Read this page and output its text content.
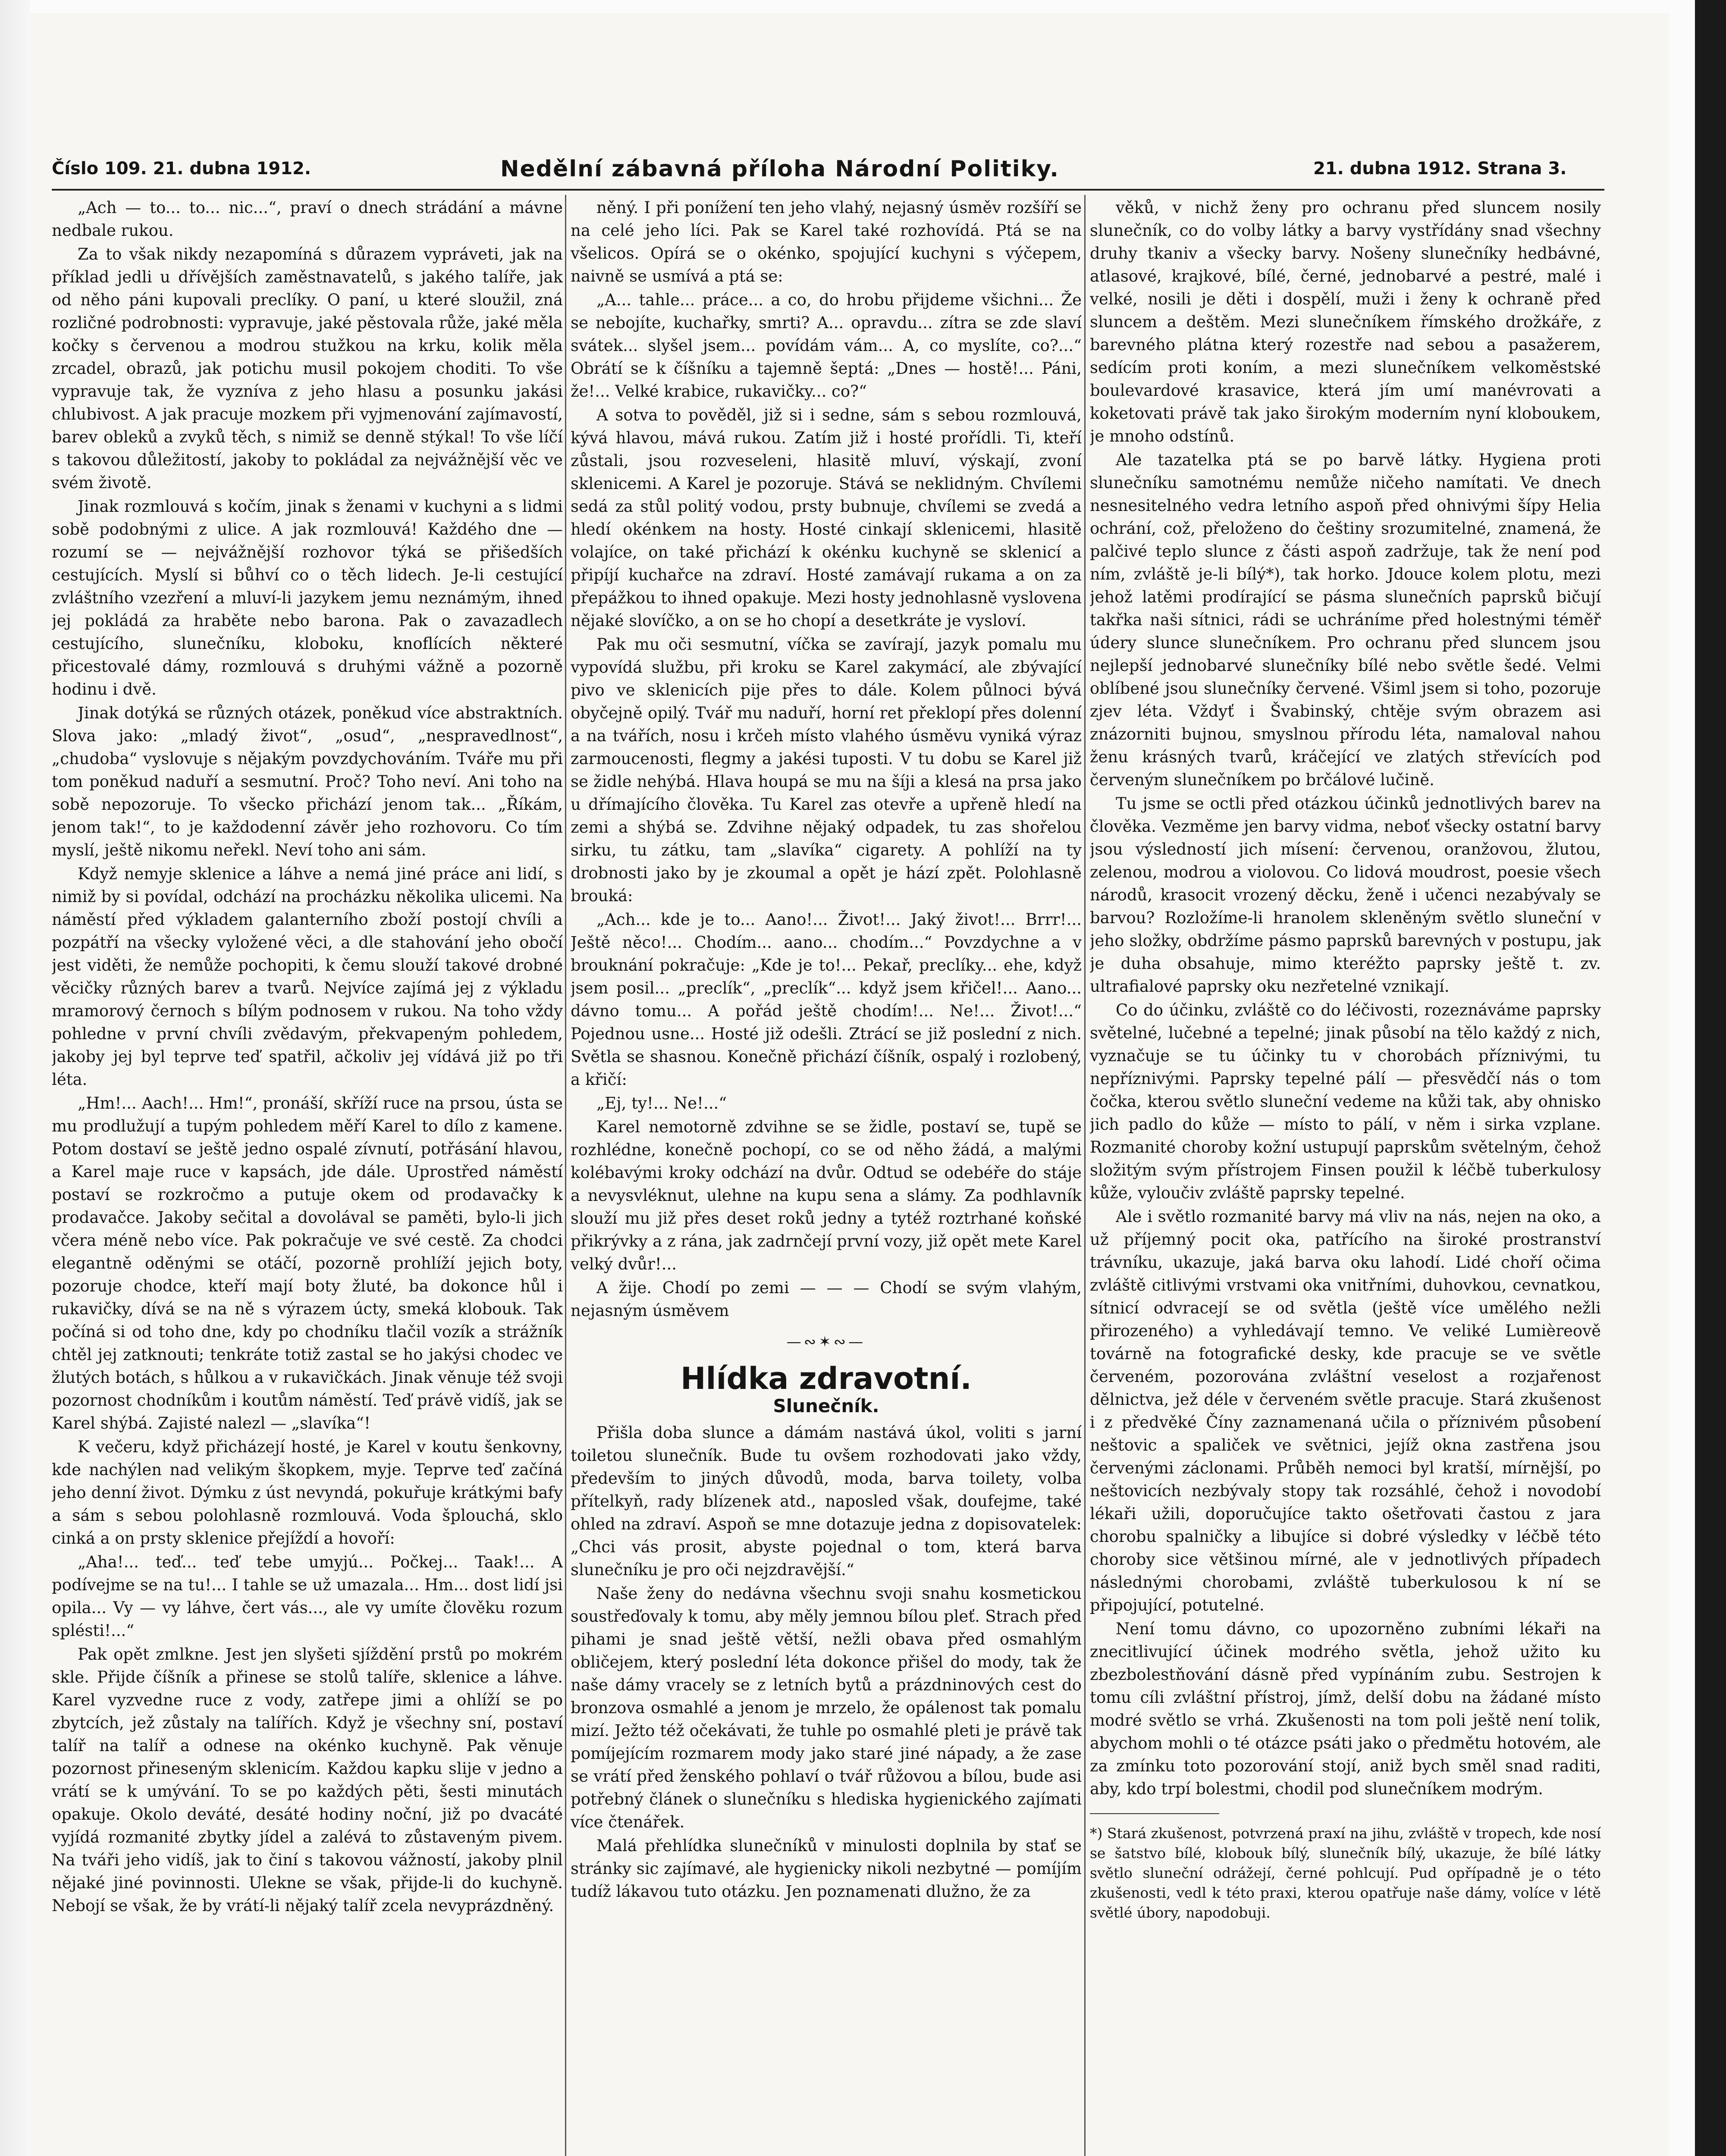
Číslo 109. 21. dubna 1912.	Nedělní zábavná příloha Národní Politiky.	21. dubna 1912. Strana 3.

„Ach — to... to... nic...“, praví o dnech strádání a mávne nedbale rukou.

Za to však nikdy nezapomíná s důrazem vypráveti, jak na příklad jedli u dřívějších zaměstnavatelů, s jakého talíře, jak od něho páni kupovali preclíky. O paní, u které sloužil, zná rozličné podrobnosti: vypravuje, jaké pěstovala růže, jaké měla kočky s červenou a modrou stužkou na krku, kolik měla zrcadel, obrazů, jak potichu musil pokojem choditi. To vše vypravuje tak, že vyzníva z jeho hlasu a posunku jakási chlubivost. A jak pracuje mozkem při vyjmenování zajímavostí, barev obleků a zvyků těch, s nimiž se denně stýkal! To vše líčí s takovou důležitostí, jakoby to pokládal za nejvážnější věc ve svém životě.

Jinak rozmlouvá s kočím, jinak s ženami v kuchyni a s lidmi sobě podobnými z ulice. A jak rozmlouvá! Každého dne — rozumí se — nejvážnější rozhovor týká se přišedších cestujících. Myslí si bůhví co o těch lidech. Je-li cestující zvláštního vzezření a mluví-li jazykem jemu neznámým, ihned jej pokládá za hraběte nebo barona. Pak o zavazadlech cestujícího, slunečníku, kloboku, knoflících některé přicestovalé dámy, rozmlouvá s druhými vážně a pozorně hodinu i dvě.

Jinak dotýká se různých otázek, poněkud více abstraktních. Slova jako: „mladý život“, „osud“, „nespravedlnost“, „chudoba“ vyslovuje s nějakým povzdychováním. Tváře mu při tom poněkud naduří a sesmutní. Proč? Toho neví. Ani toho na sobě nepozoruje. To všecko přichází jenom tak... „Říkám, jenom tak!“, to je každodenní závěr jeho rozhovoru. Co tím myslí, ještě nikomu neřekl. Neví toho ani sám.

Když nemyje sklenice a láhve a nemá jiné práce ani lidí, s nimiž by si povídal, odchází na procházku několika ulicemi. Na náměstí před výkladem galanterního zboží postojí chvíli a pozpátří na všecky vyložené věci, a dle stahování jeho obočí jest viděti, že nemůže pochopiti, k čemu slouží takové drobné věcičky různých barev a tvarů. Nejvíce zajímá jej z výkladu mramorový černoch s bílým podnosem v rukou. Na toho vždy pohledne v první chvíli zvědavým, překvapeným pohledem, jakoby jej byl teprve teď spatřil, ačkoliv jej vídává již po tři léta.

„Hm!... Aach!... Hm!“, pronáší, skříží ruce na prsou, ústa se mu prodlužují a tupým pohledem měří Karel to dílo z kamene. Potom dostaví se ještě jedno ospalé zívnutí, potřásání hlavou, a Karel maje ruce v kapsách, jde dále. Uprostřed náměstí postaví se rozkročmo a putuje okem od prodavačky k prodavačce. Jakoby sečital a dovolával se paměti, bylo-li jich včera méně nebo více. Pak pokračuje ve své cestě. Za chodci elegantně oděnými se otáčí, pozorně prohlíží jejich boty, pozoruje chodce, kteří mají boty žluté, ba dokonce hůl i rukavičky, dívá se na ně s výrazem úcty, smeká klobouk. Tak počíná si od toho dne, kdy po chodníku tlačil vozík a strážník chtěl jej zatknouti; tenkráte totiž zastal se ho jakýsi chodec ve žlutých botách, s hůlkou a v rukavičkách. Jinak věnuje též svoji pozornost chodníkům i koutům náměstí. Teď právě vidíš, jak se Karel shýbá. Zajisté nalezl — „slavíka“!

K večeru, když přicházejí hosté, je Karel v koutu šenkovny, kde nachýlen nad velikým škopkem, myje. Teprve teď začíná jeho denní život. Dýmku z úst nevyndá, pokuřuje krátkými bafy a sám s sebou polohlasně rozmlouvá. Voda šplouchá, sklo cinká a on prsty sklenice přejíždí a hovoří:

„Aha!... teď... teď tebe umyjú... Počkej... Taak!... A podívejme se na tu!... I tahle se už umazala... Hm... dost lidí jsi opila... Vy — vy láhve, čert vás..., ale vy umíte člověku rozum splésti!...“

Pak opět zmlkne. Jest jen slyšeti sjíždění prstů po mokrém skle. Přijde číšník a přinese se stolů talíře, sklenice a láhve. Karel vyzvedne ruce z vody, zatřepe jimi a ohlíží se po zbytcích, jež zůstaly na talířích. Když je všechny sní, postaví talíř na talíř a odnese na okénko kuchyně. Pak věnuje pozornost přineseným sklenicím. Každou kapku slije v jedno a vrátí se k umývání. To se po každých pěti, šesti minutách opakuje. Okolo deváté, desáté hodiny noční, již po dvacáté vyjídá rozmanité zbytky jídel a zalévá to zůstaveným pivem. Na tváři jeho vidíš, jak to činí s takovou vážností, jakoby plnil nějaké jiné povinnosti. Ulekne se však, přijde-li do kuchyně. Nebojí se však, že by vrátí-li nějaký talíř zcela nevyprázdněný.

něný. I při ponížení ten jeho vlahý, nejasný úsměv rozšíří se na celé jeho líci. Pak se Karel také rozhovídá. Ptá se na všelicos. Opírá se o okénko, spojující kuchyni s výčepem, naivně se usmívá a ptá se:

„A... tahle... práce... a co, do hrobu přijdeme všichni... Že se nebojíte, kuchařky, smrti? A... opravdu... zítra se zde slaví svátek... slyšel jsem... povídám vám... A, co myslíte, co?...“ Obrátí se k číšníku a tajemně šeptá: „Dnes — hostě!... Páni, že!... Velké krabice, rukavičky... co?“

A sotva to pověděl, již si i sedne, sám s sebou rozmlouvá, kývá hlavou, mává rukou. Zatím již i hosté prořídli. Ti, kteří zůstali, jsou rozveseleni, hlasitě mluví, výskají, zvoní sklenicemi. A Karel je pozoruje. Stává se neklidným. Chvílemi sedá za stůl politý vodou, prsty bubnuje, chvílemi se zvedá a hledí okénkem na hosty. Hosté cinkají sklenicemi, hlasitě volajíce, on také přichází k okénku kuchyně se sklenicí a připíjí kuchařce na zdraví. Hosté zamávají rukama a on za přepážkou to ihned opakuje. Mezi hosty jednohlasně vyslovena nějaké slovíčko, a on se ho chopí a desetkráte je vysloví.

Pak mu oči sesmutní, víčka se zavírají, jazyk pomalu mu vypovídá službu, při kroku se Karel zakymácí, ale zbývající pivo ve sklenicích pije přes to dále. Kolem půlnoci bývá obyčejně opilý. Tvář mu naduří, horní ret překlopí přes dolenní a na tvářích, nosu i krčeh místo vlahého úsměvu vyniká výraz zarmoucenosti, flegmy a jakési tuposti. V tu dobu se Karel již se židle nehýbá. Hlava houpá se mu na šíji a klesá na prsa jako u dřímajícího člověka. Tu Karel zas otevře a upřeně hledí na zemi a shýbá se. Zdvihne nějaký odpadek, tu zas shořelou sirku, tu zátku, tam „slavíka“ cigarety. A pohlíží na ty drobnosti jako by je zkoumal a opět je hází zpět. Polohlasně brouká:

„Ach... kde je to... Aano!... Život!... Jaký život!... Brrr!... Ještě něco!... Chodím... aano... chodím...“ Povzdychne a v brouknání pokračuje: „Kde je to!... Pekař, preclíky... ehe, když jsem posil... „preclík“, „preclík“... když jsem křičel!... Aano... dávno tomu... A pořád ještě chodím!... Ne!... Život!...“ Pojednou usne... Hosté již odešli. Ztrácí se již poslední z nich. Světla se shasnou. Konečně přichází číšník, ospalý i rozlobený, a křičí:

„Ej, ty!... Ne!...“

Karel nemotorně zdvihne se se židle, postaví se, tupě se rozhlédne, konečně pochopí, co se od něho žádá, a malými kolébavými kroky odchází na dvůr. Odtud se odebéře do stáje a nevysvléknut, ulehne na kupu sena a slámy. Za podhlavník slouží mu již přes deset roků jedny a tytéž roztrhané koňské přikrývky a z rána, jak zadrnčejí první vozy, již opět mete Karel velký dvůr!...

A žije. Chodí po zemi — — — Chodí se svým vlahým, nejasným úsměvem

—∾✶∾—
Hlídka zdravotní.
Slunečník.

Přišla doba slunce a dámám nastává úkol, voliti s jarní toiletou slunečník. Bude tu ovšem rozhodovati jako vždy, především to jiných důvodů, moda, barva toilety, volba přítelkyň, rady blízenek atd., naposled však, doufejme, také ohled na zdraví. Aspoň se mne dotazuje jedna z dopisovatelek: „Chci vás prosit, abyste pojednal o tom, která barva slunečníku je pro oči nejzdravější.“

Naše ženy do nedávna všechnu svoji snahu kosmetickou soustřeďovaly k tomu, aby měly jemnou bílou pleť. Strach před pihami je snad ještě větší, nežli obava před osmahlým obličejem, který poslední léta dokonce přišel do mody, tak že naše dámy vracely se z letních bytů a prázdninových cest do bronzova osmahlé a jenom je mrzelo, že opálenost tak pomalu mizí. Ježto též očekávati, že tuhle po osmahlé pleti je právě tak pomíjejícím rozmarem mody jako staré jiné nápady, a že zase se vrátí před ženského pohlaví o tvář růžovou a bílou, bude asi potřebný článek o slunečníku s hlediska hygienického zajímati více čtenářek.

Malá přehlídka slunečníků v minulosti doplnila by stať se stránky sic zajímavé, ale hygienicky nikoli nezbytné — pomíjím tudíž lákavou tuto otázku. Jen poznamenati dlužno, že za

věků, v nichž ženy pro ochranu před sluncem nosily slunečník, co do volby látky a barvy vystřídány snad všechny druhy tkaniv a všecky barvy. Nošeny slunečníky hedbávné, atlasové, krajkové, bílé, černé, jednobarvé a pestré, malé i velké, nosili je děti i dospělí, muži i ženy k ochraně před sluncem a deštěm. Mezi slunečníkem římského drožkáře, z barevného plátna který rozestře nad sebou a pasažerem, sedícím proti koním, a mezi slunečníkem velkoměstské boulevardové krasavice, která jím umí manévrovati a koketovati právě tak jako širokým moderním nyní kloboukem, je mnoho odstínů.

Ale tazatelka ptá se po barvě látky. Hygiena proti slunečníku samotnému nemůže ničeho namítati. Ve dnech nesnesitelného vedra letního aspoň před ohnivými šípy Helia ochrání, což, přeloženo do češtiny srozumitelné, znamená, že palčivé teplo slunce z části aspoň zadržuje, tak že není pod ním, zvláště je-li bílý*), tak horko. Jdouce kolem plotu, mezi jehož latěmi prodírající se pásma slunečních paprsků bičují takřka naši sítnici, rádi se uchráníme před holestnými téměř údery slunce slunečníkem. Pro ochranu před sluncem jsou nejlepší jednobarvé slunečníky bílé nebo světle šedé. Velmi oblíbené jsou slunečníky červené. Všiml jsem si toho, pozoruje zjev léta. Vždyť i Švabinský, chtěje svým obrazem asi znázorniti bujnou, smyslnou přírodu léta, namaloval nahou ženu krásných tvarů, kráčející ve zlatých střevících pod červeným slunečníkem po brčálové lučině.

Tu jsme se octli před otázkou účinků jednotlivých barev na člověka. Vezměme jen barvy vidma, neboť všecky ostatní barvy jsou výsledností jich mísení: červenou, oranžovou, žlutou, zelenou, modrou a violovou. Co lidová moudrost, poesie všech národů, krasocit vrozený děcku, ženě i učenci nezabývaly se barvou? Rozložíme-li hranolem skleněným světlo sluneční v jeho složky, obdržíme pásmo paprsků barevných v postupu, jak je duha obsahuje, mimo kteréžto paprsky ještě t. zv. ultrafialové paprsky oku nezřetelné vznikají.

Co do účinku, zvláště co do léčivosti, rozeznáváme paprsky světelné, lučebné a tepelné; jinak působí na tělo každý z nich, vyznačuje se tu účinky tu v chorobách příznivými, tu nepříznivými. Paprsky tepelné pálí — přesvědčí nás o tom čočka, kterou světlo sluneční vedeme na kůži tak, aby ohnisko jich padlo do kůže — místo to pálí, v něm i sirka vzplane. Rozmanité choroby kožní ustupují paprskům světelným, čehož složitým svým přístrojem Finsen použil k léčbě tuberkulosy kůže, vyloučiv zvláště paprsky tepelné.

Ale i světlo rozmanité barvy má vliv na nás, nejen na oko, a už příjemný pocit oka, patřícího na široké prostranství trávníku, ukazuje, jaká barva oku lahodí. Lidé choří očima zvláště citlivými vrstvami oka vnitřními, duhovkou, cevnatkou, sítnicí odvracejí se od světla (ještě více umělého nežli přirozeného) a vyhledávají temno. Ve veliké Lumièreově továrně na fotografické desky, kde pracuje se ve světle červeném, pozorována zvláštní veselost a rozjařenost dělnictva, jež déle v červeném světle pracuje. Stará zkušenost i z předvěké Číny zaznamenaná učila o příznivém působení neštovic a spaliček ve světnici, jejíž okna zastřena jsou červenými záclonami. Průběh nemoci byl kratší, mírnější, po neštovicích nezbývaly stopy tak rozsáhlé, čehož i novodobí lékaři užili, doporučujíce takto ošetřovati častou z jara chorobu spalničky a libujíce si dobré výsledky v léčbě této choroby sice většinou mírné, ale v jednotlivých případech následnými chorobami, zvláště tuberkulosou k ní se připojující, potutelné.

Není tomu dávno, co upozorněno zubními lékaři na znecitlivující účinek modrého světla, jehož užito ku zbezbolestňování dásně před vypínáním zubu. Sestrojen k tomu cíli zvláštní přístroj, jímž, delší dobu na žádané místo modré světlo se vrhá. Zkušenosti na tom poli ještě není tolik, abychom mohli o té otázce psáti jako o předmětu hotovém, ale za zmínku toto pozorování stojí, aniž bych směl snad raditi, aby, kdo trpí bolestmi, chodil pod slunečníkem modrým.

*) Stará zkušenost, potvrzená praxí na jihu, zvláště v tropech, kde nosí se šatstvo bílé, klobouk bílý, slunečník bílý, ukazuje, že bílé látky světlo sluneční odrážejí, černé pohlcují. Pud opřípadně je o této zkušenosti, vedl k této praxi, kterou opatřuje naše dámy, volíce v létě světlé úbory, napodobuji.
